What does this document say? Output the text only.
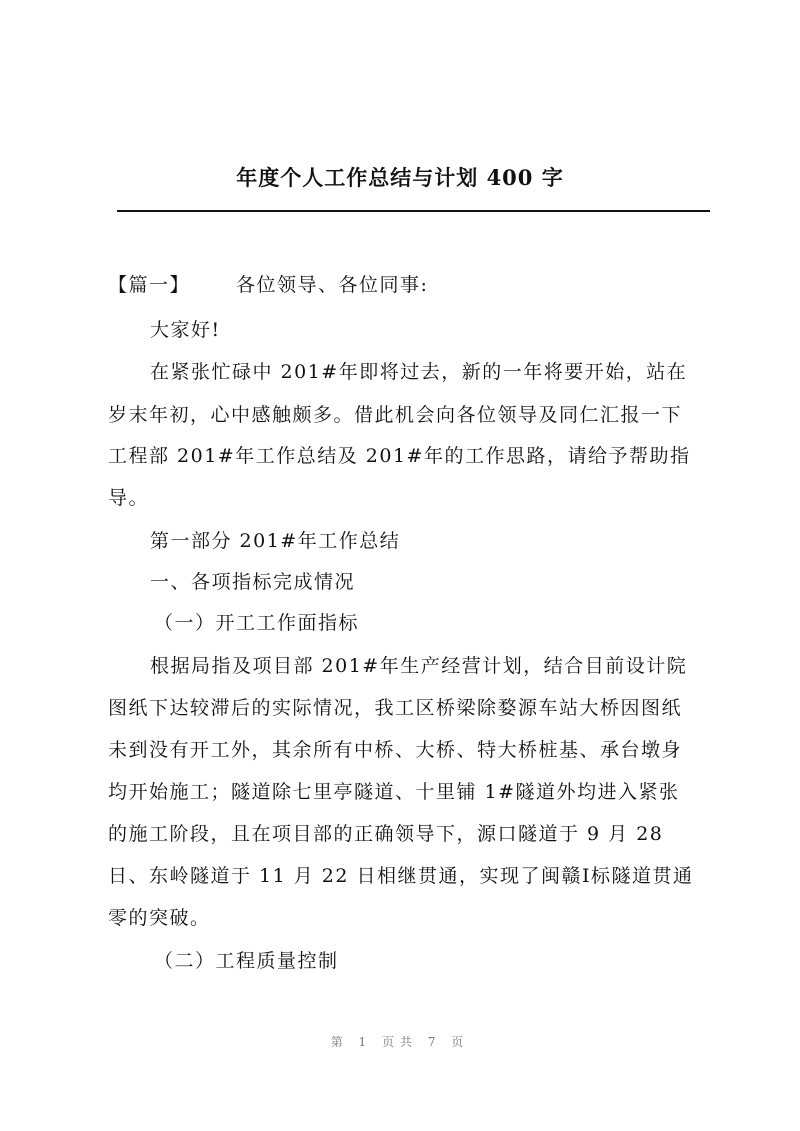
年度个人工作总结与计划 400 字
【篇一】 各位领导、各位同事:
大家好!
在紧张忙碌中 201#年即将过去，新的一年将要开始，站在
岁末年初，心中感触颇多。借此机会向各位领导及同仁汇报一下
工程部 201#年工作总结及 201#年的工作思路，请给予帮助指
导。
第一部分 201#年工作总结
一、各项指标完成情况
（一）开工工作面指标
根据局指及项目部 201#年生产经营计划，结合目前设计院
图纸下达较滞后的实际情况，我工区桥梁除婺源车站大桥因图纸
未到没有开工外，其余所有中桥、大桥、特大桥桩基、承台墩身
均开始施工；隧道除七里亭隧道、十里铺 1#隧道外均进入紧张
的施工阶段，且在项目部的正确领导下，源口隧道于 9 月 28
日、东岭隧道于 11 月 22 日相继贯通，实现了闽赣Ⅰ标隧道贯通
零的突破。
（二）工程质量控制
第 1 页共 7 页
